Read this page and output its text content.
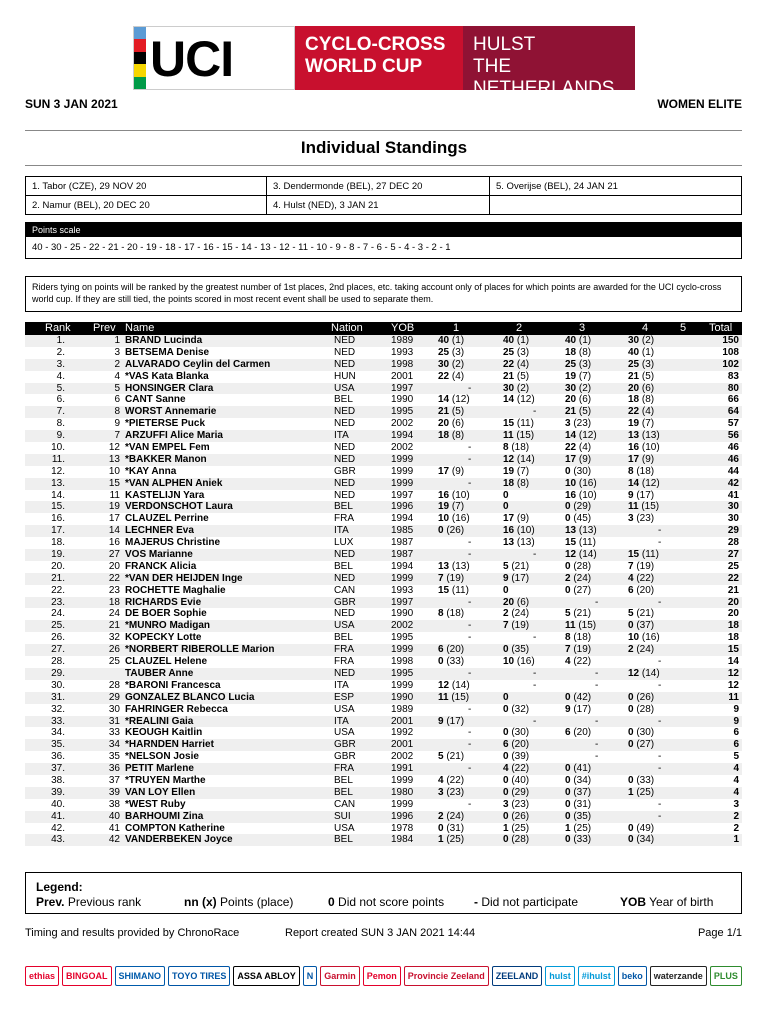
UCI	CYCLO-CROSS
WORLD CUP
HULST
THE NETHERLANDS
SUN 3 JAN 2021	WOMEN ELITE
Individual Standings
1. Tabor (CZE), 29 NOV 20	3. Dendermonde (BEL), 27 DEC 20	5. Overijse (BEL), 24 JAN 21
2. Namur (BEL), 20 DEC 20	4. Hulst (NED), 3 JAN 21	
Points scale
40 - 30 - 25 - 22 - 21 - 20 - 19 - 18 - 17 - 16 - 15 - 14 - 13 - 12 - 11 - 10 - 9 - 8 - 7 - 6 - 5 - 4 - 3 - 2 - 1
Riders tying on points will be ranked by the greatest number of 1st places, 2nd places, etc. taking account only of places for which points are awarded for the UCI cyclo-cross world cup. If they are still tied, the points scored in most recent event shall be used to separate them.
Rank Prev Name	Nation	YOB	1	2	3	4	5 Total
1.	1 BRAND Lucinda	NED	1989	40 (1)	40 (1)	40 (1)	30 (2)	150
2.	3 BETSEMA Denise	NED	1993	25 (3)	25 (3)	18 (8)	40 (1)	108
3.	2 ALVARADO Ceylin del Carmen	NED	1998	30 (2)	22 (4)	25 (3)	25 (3)	102
4.	4 *VAS Kata Blanka	HUN	2001	22 (4)	21 (5)	19 (7)	21 (5)	83
5.	5 HONSINGER Clara	USA	1997	-	30 (2)	30 (2)	20 (6)	80
6.	6 CANT Sanne	BEL	1990	14 (12)	14 (12)	20 (6)	18 (8)	66
7.	8 WORST Annemarie	NED	1995	21 (5)	-	21 (5)	22 (4)	64
8.	9 *PIETERSE Puck	NED	2002	20 (6)	15 (11)	3 (23)	19 (7)	57
9.	7 ARZUFFI Alice Maria	ITA	1994	18 (8)	11 (15)	14 (12)	13 (13)	56
10.	12 *VAN EMPEL Fem	NED	2002	-	8 (18)	22 (4)	16 (10)	46
11.	13 *BAKKER Manon	NED	1999	-	12 (14)	17 (9)	17 (9)	46
12.	10 *KAY Anna	GBR	1999	17 (9)	19 (7)	0 (30)	8 (18)	44
13.	15 *VAN ALPHEN Aniek	NED	1999	-	18 (8)	10 (16)	14 (12)	42
14.	11 KASTELIJN Yara	NED	1997	16 (10)	0	16 (10)	9 (17)	41
15.	19 VERDONSCHOT Laura	BEL	1996	19 (7)	0	0 (29)	11 (15)	30
16.	17 CLAUZEL Perrine	FRA	1994	10 (16)	17 (9)	0 (45)	3 (23)	30
17.	14 LECHNER Eva	ITA	1985	0 (26)	16 (10)	13 (13)	-	29
18.	16 MAJERUS Christine	LUX	1987	-	13 (13)	15 (11)	-	28
19.	27 VOS Marianne	NED	1987	-	-	12 (14)	15 (11)	27
20.	20 FRANCK Alicia	BEL	1994	13 (13)	5 (21)	0 (28)	7 (19)	25
21.	22 *VAN DER HEIJDEN Inge	NED	1999	7 (19)	9 (17)	2 (24)	4 (22)	22
22.	23 ROCHETTE Maghalie	CAN	1993	15 (11)	0	0 (27)	6 (20)	21
23.	18 RICHARDS Evie	GBR	1997	-	20 (6)	-	-	20
24.	24 DE BOER Sophie	NED	1990	8 (18)	2 (24)	5 (21)	5 (21)	20
25.	21 *MUNRO Madigan	USA	2002	-	7 (19)	11 (15)	0 (37)	18
26.	32 KOPECKY Lotte	BEL	1995	-	-	8 (18)	10 (16)	18
27.	26 *NORBERT RIBEROLLE Marion	FRA	1999	6 (20)	0 (35)	7 (19)	2 (24)	15
28.	25 CLAUZEL Helene	FRA	1998	0 (33)	10 (16)	4 (22)	-	14
29.	TAUBER Anne	NED	1995	-	-	-	12 (14)	12
30.	28 *BARONI Francesca	ITA	1999	12 (14)	-	-	-	12
31.	29 GONZALEZ BLANCO Lucia	ESP	1990	11 (15)	0	0 (42)	0 (26)	11
32.	30 FAHRINGER Rebecca	USA	1989	-	0 (32)	9 (17)	0 (28)	9
33.	31 *REALINI Gaia	ITA	2001	9 (17)	-	-	-	9
34.	33 KEOUGH Kaitlin	USA	1992	-	0 (30)	6 (20)	0 (30)	6
35.	34 *HARNDEN Harriet	GBR	2001	-	6 (20)	-	0 (27)	6
36.	35 *NELSON Josie	GBR	2002	5 (21)	0 (39)	-	-	5
37.	36 PETIT Marlene	FRA	1991	-	4 (22)	0 (41)	-	4
38.	37 *TRUYEN Marthe	BEL	1999	4 (22)	0 (40)	0 (34)	0 (33)	4
39.	39 VAN LOY Ellen	BEL	1980	3 (23)	0 (29)	0 (37)	1 (25)	4
40.	38 *WEST Ruby	CAN	1999	-	3 (23)	0 (31)	-	3
41.	40 BARHOUMI Zina	SUI	1996	2 (24)	0 (26)	0 (35)	-	2
42.	41 COMPTON Katherine	USA	1978	0 (31)	1 (25)	1 (25)	0 (49)	2
43.	42 VANDERBEKEN Joyce	BEL	1984	1 (25)	0 (28)	0 (33)	0 (34)	1
Legend:
Prev. Previous rank	nn (x) Points (place)	0 Did not score points - Did not participate	YOB Year of birth
Timing and results provided by ChronoRace	Report created SUN 3 JAN 2021 14:44	Page 1/1
ethias	BINGOAL	SHIMANO	TOYO TIRES	ASSA ABLOY	N	Garmin	Pemon	Provincie Zeeland	ZEELAND	hulst	#ihulst	beko	waterzande	PLUS
